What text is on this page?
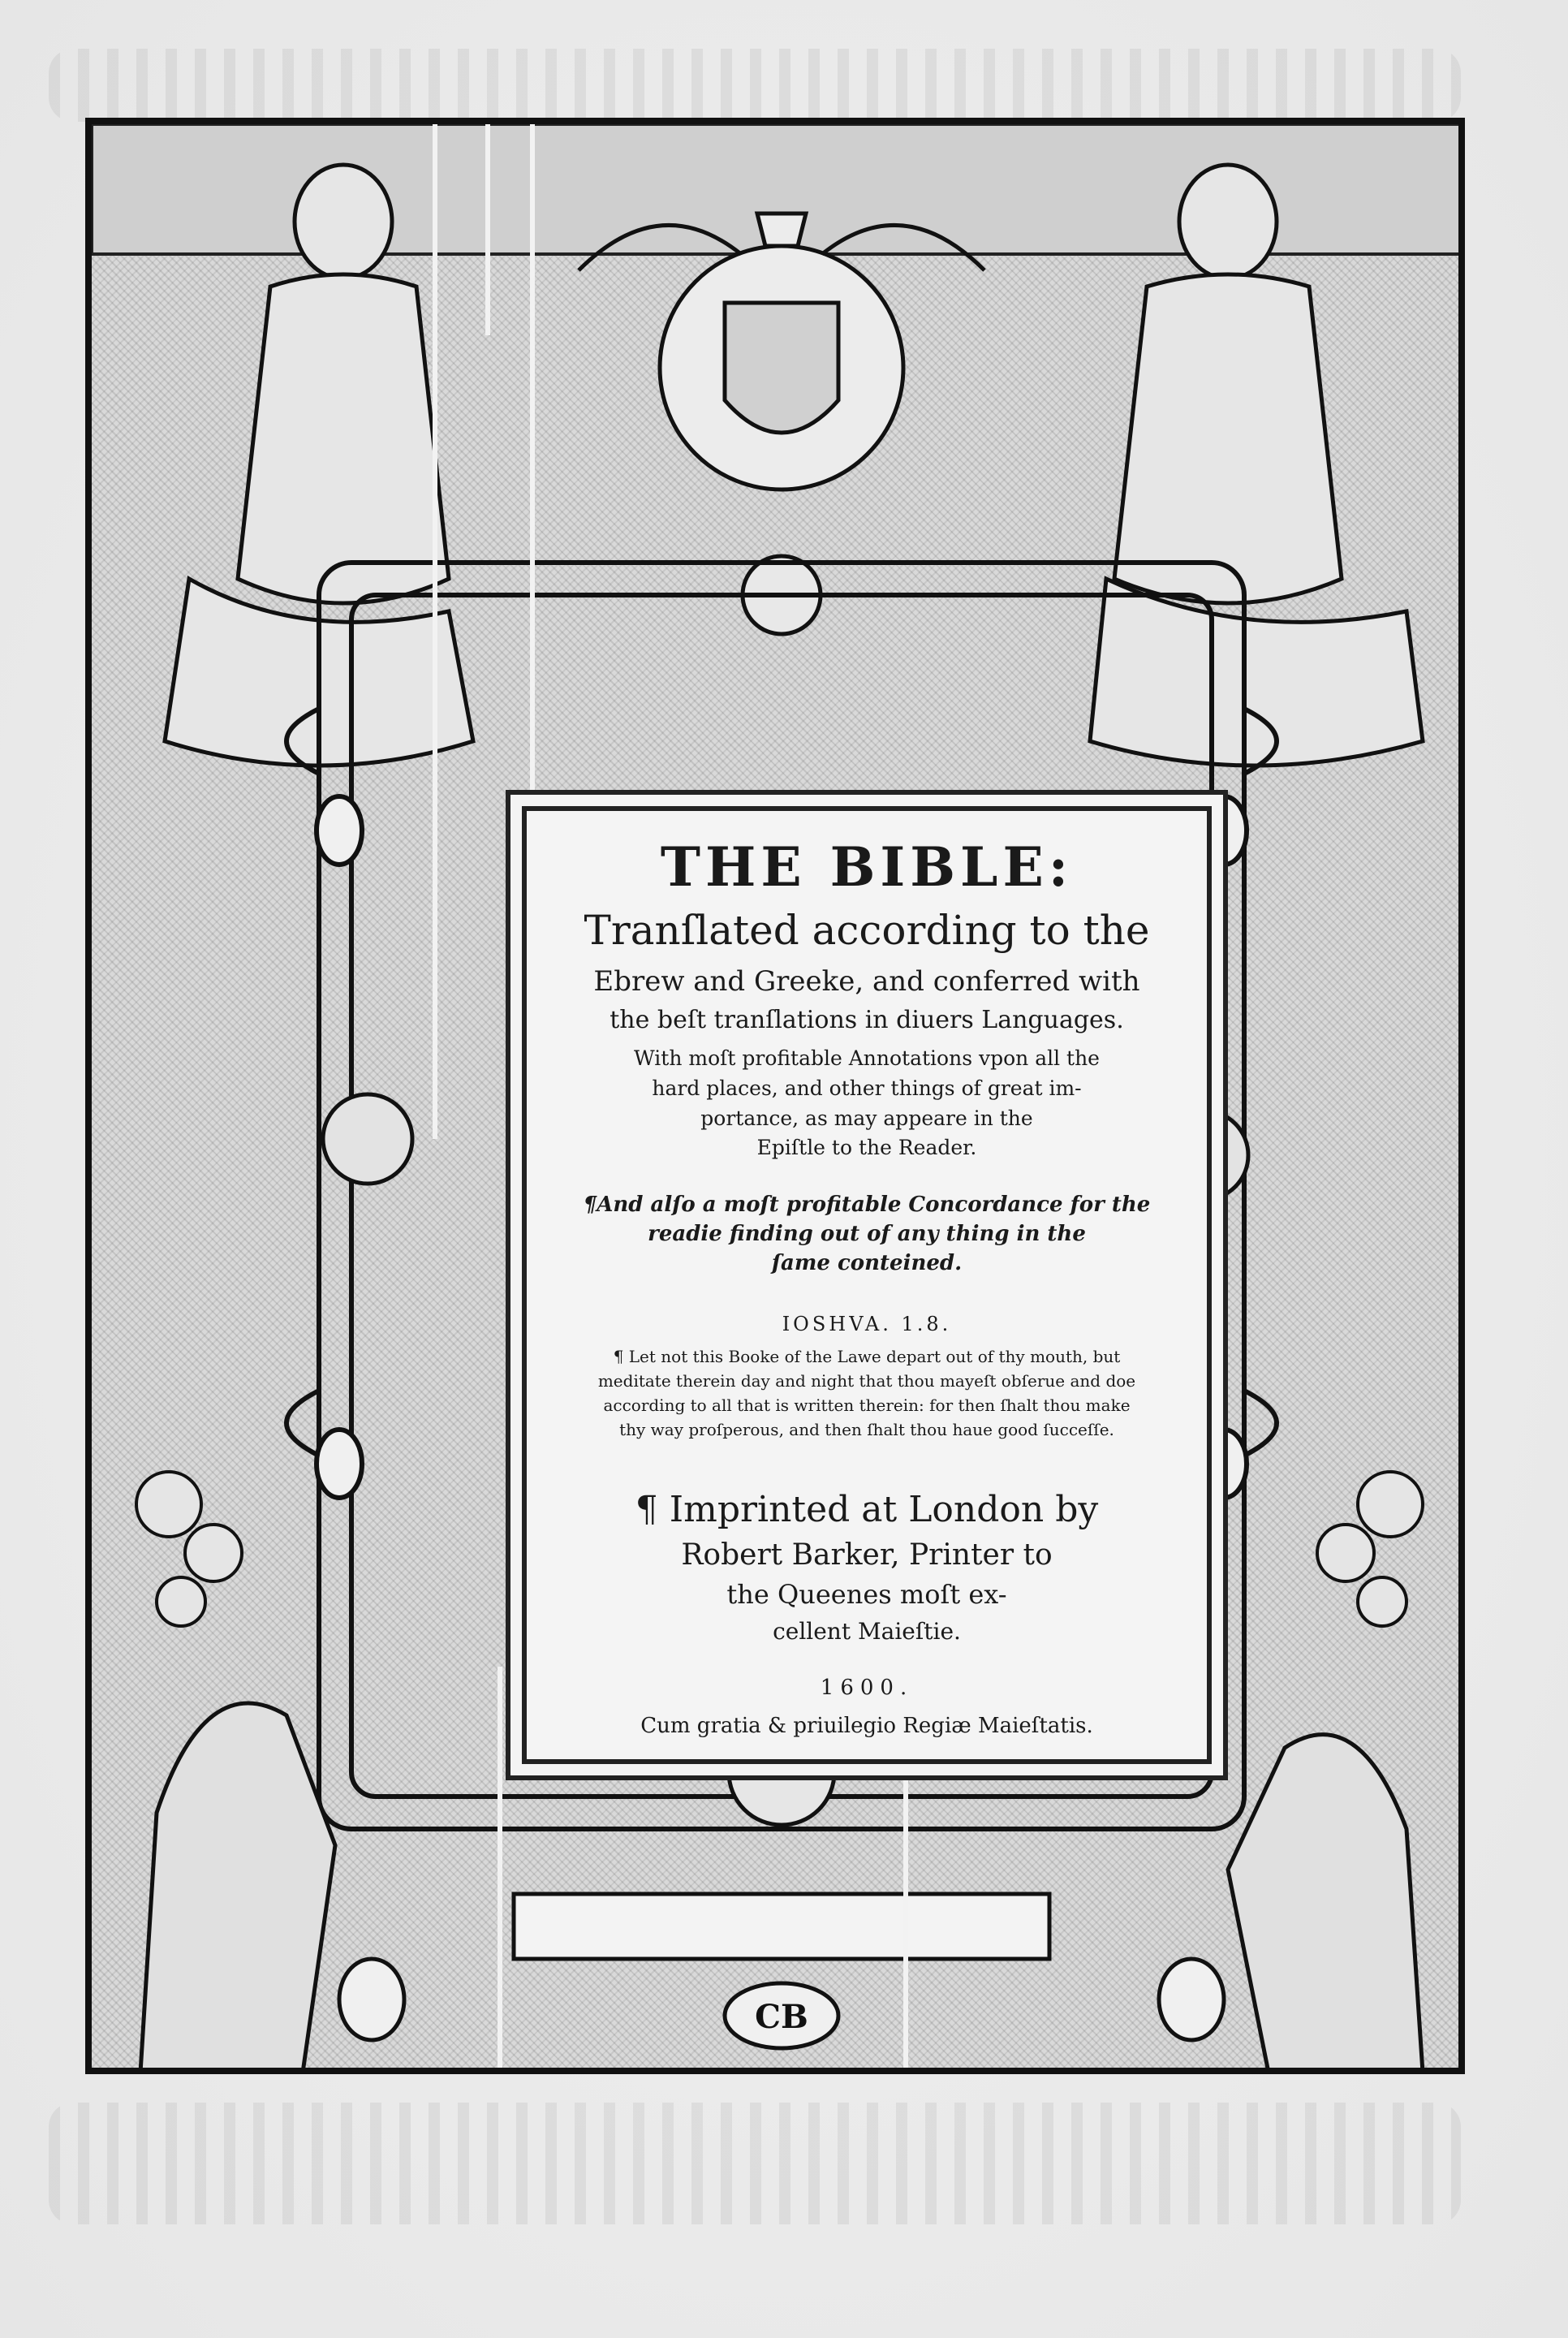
CB
THE BIBLE:
Tranſlated according to the
Ebrew and Greeke, and conferred with
the beſt tranſlations in diuers Languages.
With moſt profitable Annotations vpon all the
hard places, and other things of great im-
portance, as may appeare in the
Epiſtle to the Reader.
¶And alſo a moſt profitable Concordance for the
readie finding out of any thing in the
ſame conteined.
IOSHVA. 1.8.
¶ Let not this Booke of the Lawe depart out of thy mouth, but
meditate therein day and night that thou mayeſt obſerue and doe
according to all that is written therein: for then ſhalt thou make
thy way proſperous, and then ſhalt thou haue good ſucceſſe.
¶ Imprinted at London by
Robert Barker, Printer to
the Queenes moſt ex-
cellent Maieſtie.
1600.
Cum gratia & priuilegio Regiæ Maieſtatis.
